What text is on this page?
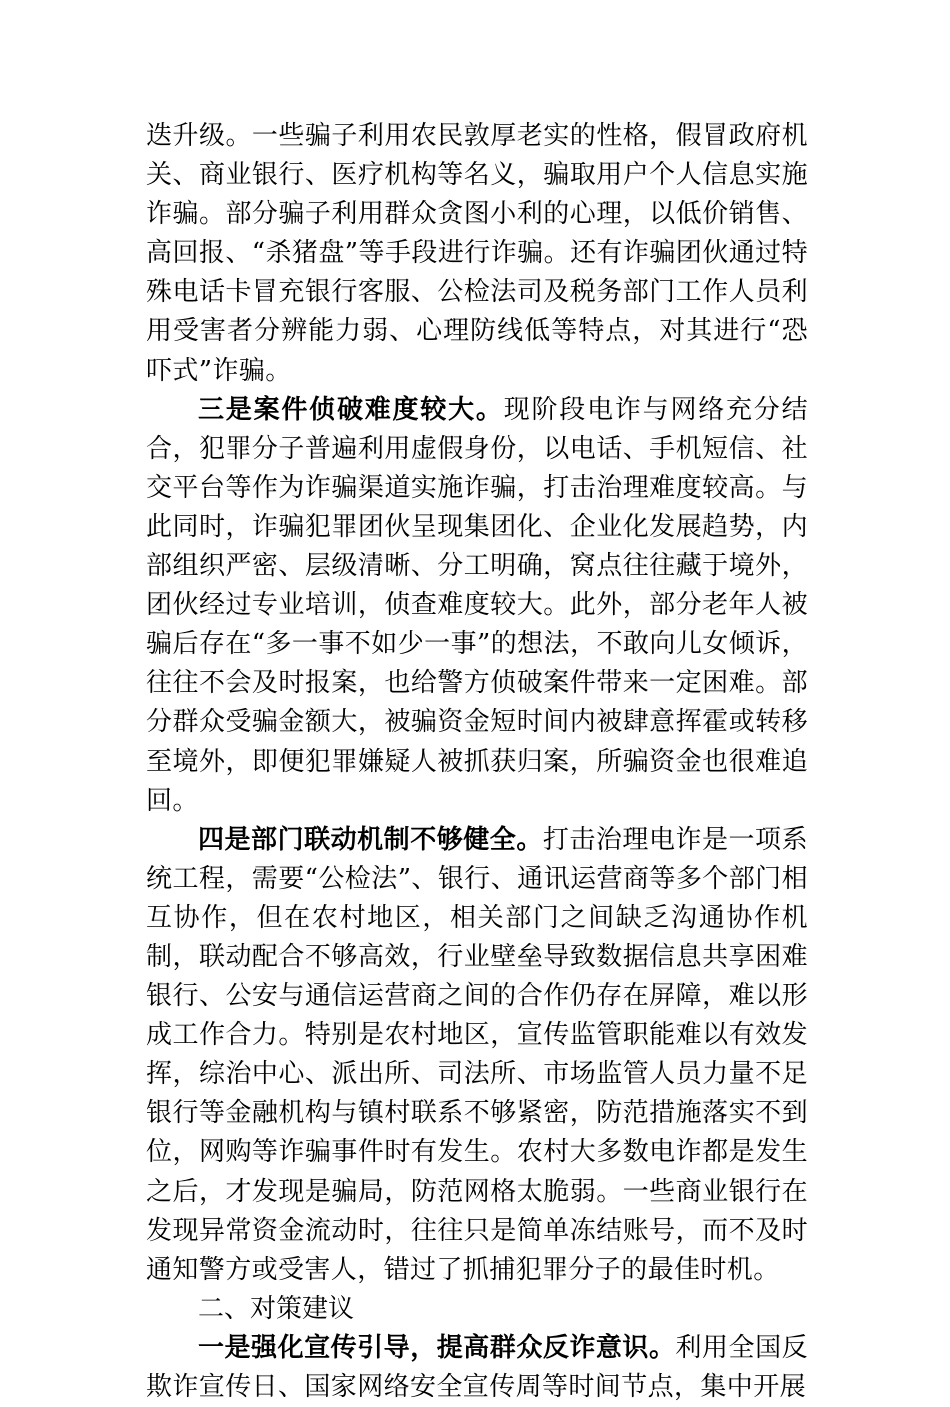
迭升级。一些骗子利用农民敦厚老实的性格，假冒政府机关、商业银行、医疗机构等名义，骗取用户个人信息实施诈骗。部分骗子利用群众贪图小利的心理，以低价销售、高回报、“杀猪盘”等手段进行诈骗。还有诈骗团伙通过特殊电话卡冒充银行客服、公检法司及税务部门工作人员利用受害者分辨能力弱、心理防线低等特点，对其进行“恐吓式”诈骗。

三是案件侦破难度较大。现阶段电诈与网络充分结合，犯罪分子普遍利用虚假身份，以电话、手机短信、社交平台等作为诈骗渠道实施诈骗，打击治理难度较高。与此同时，诈骗犯罪团伙呈现集团化、企业化发展趋势，内部组织严密、层级清晰、分工明确，窝点往往藏于境外，团伙经过专业培训，侦查难度较大。此外，部分老年人被骗后存在“多一事不如少一事”的想法，不敢向儿女倾诉，往往不会及时报案，也给警方侦破案件带来一定困难。部分群众受骗金额大，被骗资金短时间内被肆意挥霍或转移至境外，即便犯罪嫌疑人被抓获归案，所骗资金也很难追回。

四是部门联动机制不够健全。打击治理电诈是一项系统工程，需要“公检法”、银行、通讯运营商等多个部门相互协作，但在农村地区，相关部门之间缺乏沟通协作机制，联动配合不够高效，行业壁垒导致数据信息共享困难银行、公安与通信运营商之间的合作仍存在屏障，难以形成工作合力。特别是农村地区，宣传监管职能难以有效发挥，综治中心、派出所、司法所、市场监管人员力量不足银行等金融机构与镇村联系不够紧密，防范措施落实不到位，网购等诈骗事件时有发生。农村大多数电诈都是发生之后，才发现是骗局，防范网格太脆弱。一些商业银行在发现异常资金流动时，往往只是简单冻结账号，而不及时通知警方或受害人，错过了抓捕犯罪分子的最佳时机。

二、对策建议

一是强化宣传引导，提高群众反诈意识。利用全国反欺诈宣传日、国家网络安全宣传周等时间节点，集中开展
